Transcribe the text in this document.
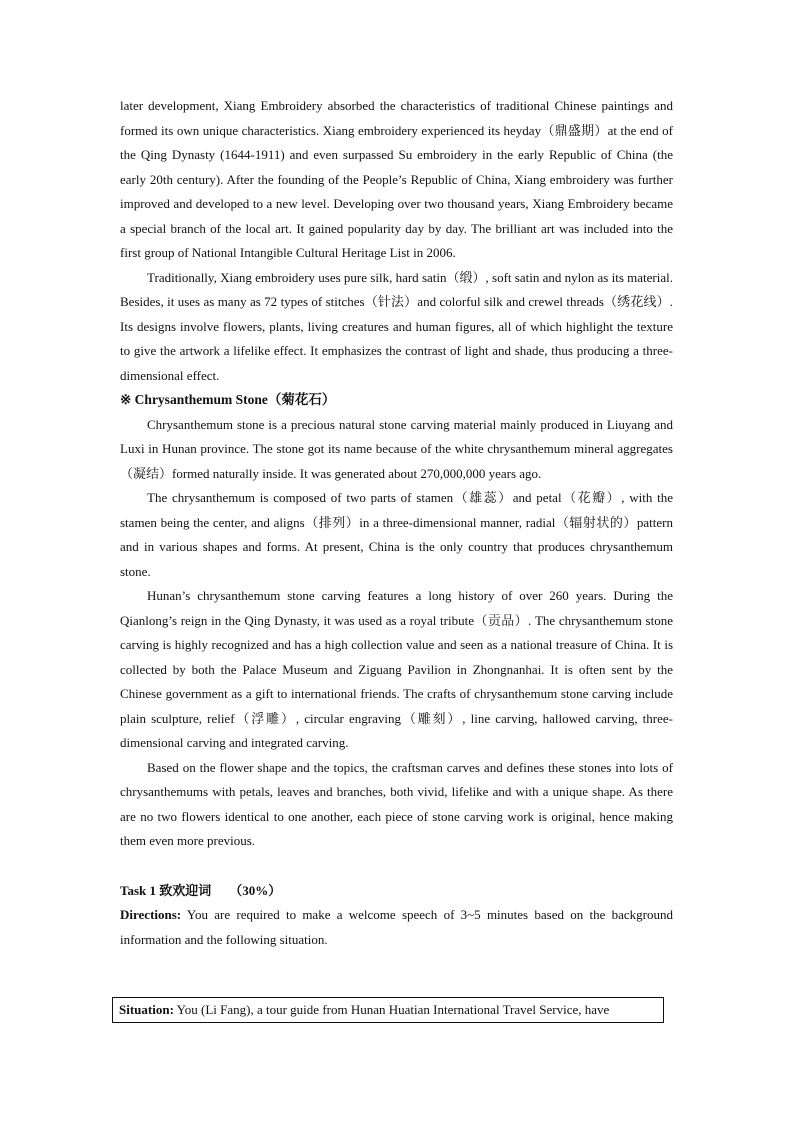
later development, Xiang Embroidery absorbed the characteristics of traditional Chinese paintings and formed its own unique characteristics. Xiang embroidery experienced its heyday（鼎盛期）at the end of the Qing Dynasty (1644-1911) and even surpassed Su embroidery in the early Republic of China (the early 20th century). After the founding of the People’s Republic of China, Xiang embroidery was further improved and developed to a new level. Developing over two thousand years, Xiang Embroidery became a special branch of the local art. It gained popularity day by day. The brilliant art was included into the first group of National Intangible Cultural Heritage List in 2006.

Traditionally, Xiang embroidery uses pure silk, hard satin（缎）, soft satin and nylon as its material. Besides, it uses as many as 72 types of stitches（针法）and colorful silk and crewel threads（绣花线）. Its designs involve flowers, plants, living creatures and human figures, all of which highlight the texture to give the artwork a lifelike effect. It emphasizes the contrast of light and shade, thus producing a three-dimensional effect.

※ Chrysanthemum Stone（菊花石）

Chrysanthemum stone is a precious natural stone carving material mainly produced in Liuyang and Luxi in Hunan province. The stone got its name because of the white chrysanthemum mineral aggregates（凝结）formed naturally inside. It was generated about 270,000,000 years ago.

The chrysanthemum is composed of two parts of stamen（雄蕊）and petal（花瓣）, with the stamen being the center, and aligns（排列）in a three-dimensional manner, radial（辐射状的）pattern and in various shapes and forms. At present, China is the only country that produces chrysanthemum stone.

Hunan’s chrysanthemum stone carving features a long history of over 260 years. During the Qianlong’s reign in the Qing Dynasty, it was used as a royal tribute（贡品）. The chrysanthemum stone carving is highly recognized and has a high collection value and seen as a national treasure of China. It is collected by both the Palace Museum and Ziguang Pavilion in Zhongnanhai. It is often sent by the Chinese government as a gift to international friends. The crafts of chrysanthemum stone carving include plain sculpture, relief（浮雕）, circular engraving（雕刻）, line carving, hallowed carving, three-dimensional carving and integrated carving.

Based on the flower shape and the topics, the craftsman carves and defines these stones into lots of chrysanthemums with petals, leaves and branches, both vivid, lifelike and with a unique shape. As there are no two flowers identical to one another, each piece of stone carving work is original, hence making them even more previous.

Task 1 致欢迎词 （30%）

Directions: You are required to make a welcome speech of 3~5 minutes based on the background information and the following situation.

Situation: You (Li Fang), a tour guide from Hunan Huatian International Travel Service, have
